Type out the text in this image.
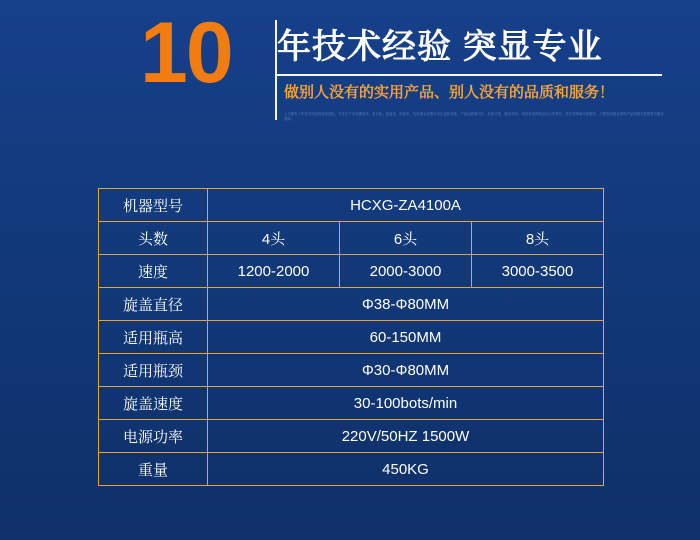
10 年技术经验 突显专业
做别人没有的实用产品、别人没有的品质和服务！
公司拥有十年技术经验的研发团队，专业生产各类灌装机、封口机、旋盖机、贴标机、包装流水线等自动化包装设备，产品远销海内外，品质可靠，服务周到，欢迎来电咨询洽谈合作事宜，我们将竭诚为您服务，为您提供最优质的产品和最完善的售后服务保障。
机器型号	HCXG-ZA4100A		
头数	4头	6头	8头
速度	1200-2000	2000-3000	3000-3500
旋盖直径	Φ38-Φ80MM		
适用瓶高	60-150MM		
适用瓶颈	Φ30-Φ80MM		
旋盖速度	30-100bots/min		
电源功率	220V/50HZ 1500W		
重量	450KG		
